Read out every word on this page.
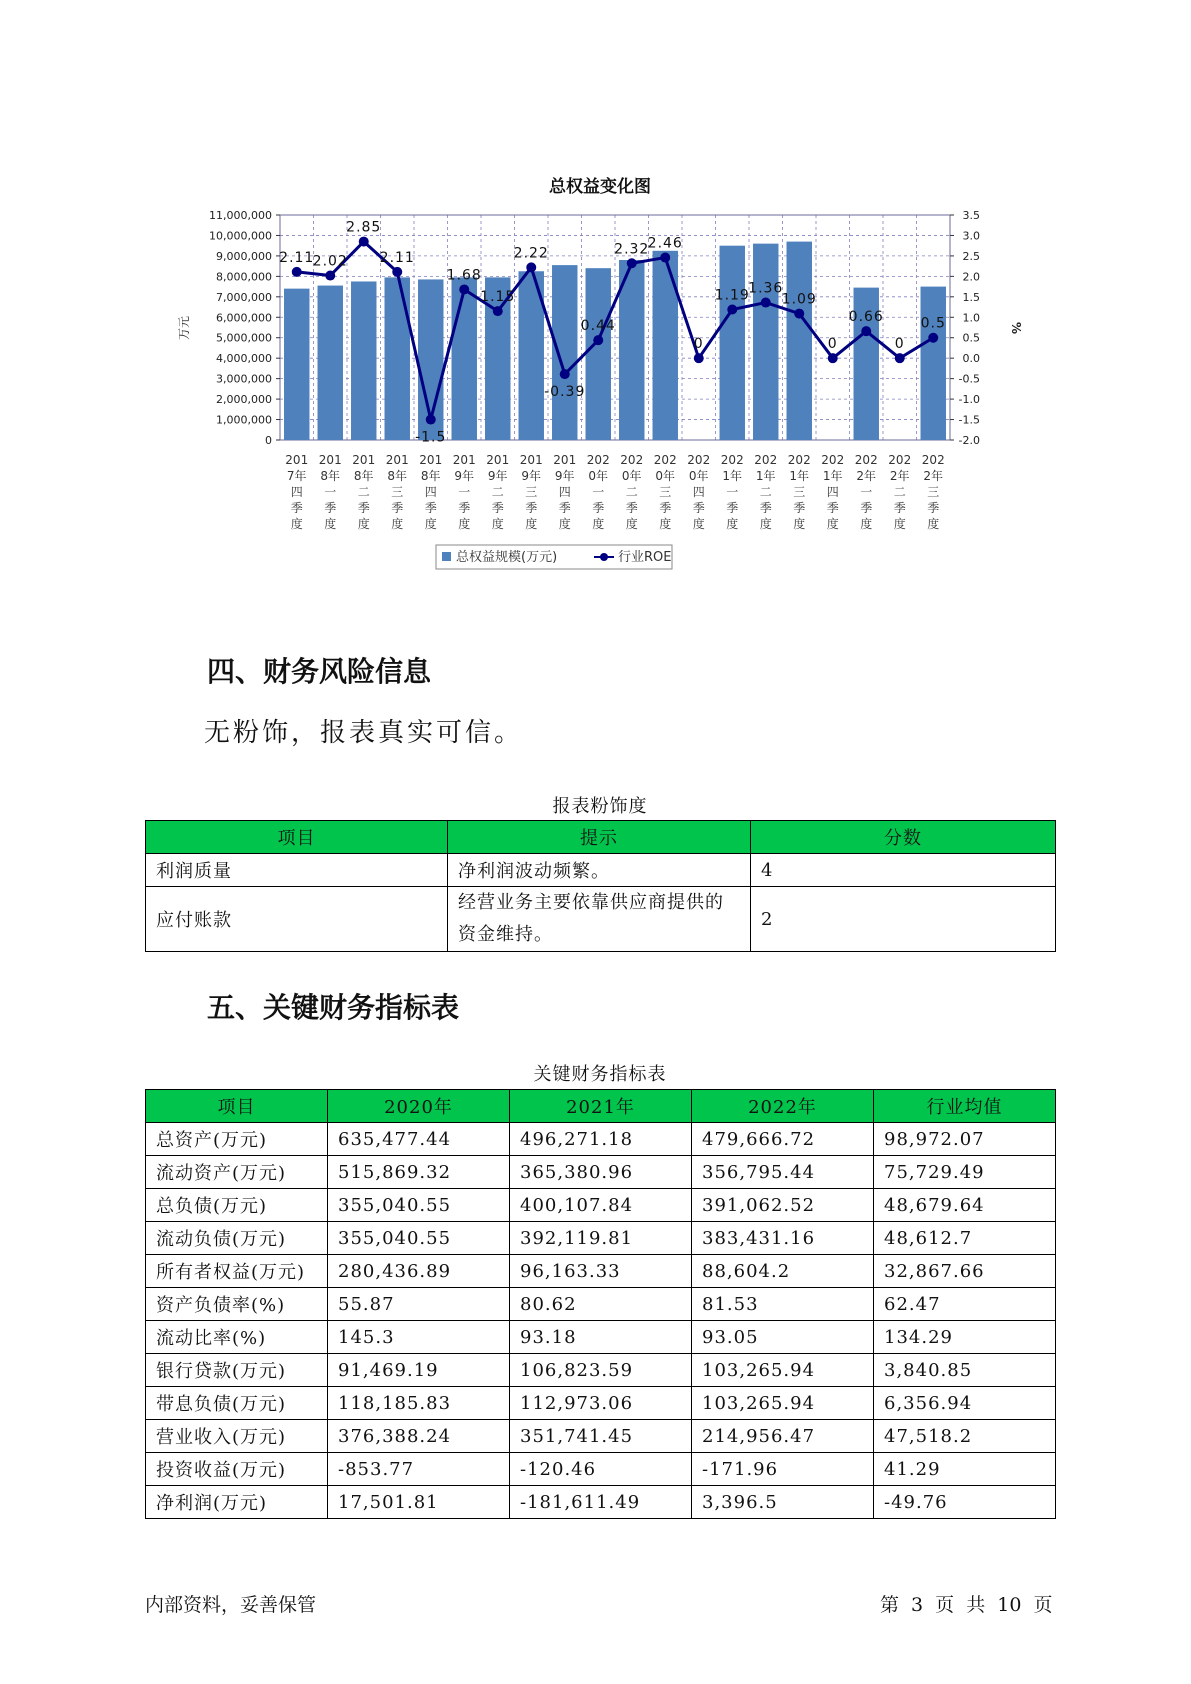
总权益变化图
11,000,000
10,000,000
9,000,000
8,000,000
7,000,000
6,000,000
5,000,000
4,000,000
3,000,000
2,000,000
1,000,000
0
3.5
3.0
2.5
2.0
1.5
1.0
0.5
0.0
-0.5
-1.0
-1.5
-2.0
万元	%
201
7年
四
季
度
201
8年
一
季
度
201
8年
二
季
度
201
8年
三
季
度
201
8年
四
季
度
201
9年
一
季
度
201
9年
二
季
度
201
9年
三
季
度
201
9年
四
季
度
202
0年
一
季
度
202
0年
二
季
度
202
0年
三
季
度
202
0年
四
季
度
202
1年
一
季
度
202
1年
二
季
度
202
1年
三
季
度
202
1年
四
季
度
202
2年
一
季
度
202
2年
二
季
度
202
2年
三
季
度
2.11
2.02
2.85
2.11
-1.5
1.68
1.15
2.22
-0.39
0.44
2.32
2.46
0
1.19
1.36
1.09
0
0.66
0
0.5
总权益规模(万元)	行业ROE
四、财务风险信息

无粉饰，报表真实可信。

报表粉饰度
项目	提示	分数
利润质量	净利润波动频繁。	4
应付账款	经营业务主要依靠供应商提供的资金维持。	2
五、关键财务指标表
关键财务指标表
项目	2020年	2021年	2022年	行业均值
总资产(万元)	635,477.44	496,271.18	479,666.72	98,972.07
流动资产(万元)	515,869.32	365,380.96	356,795.44	75,729.49
总负债(万元)	355,040.55	400,107.84	391,062.52	48,679.64
流动负债(万元)	355,040.55	392,119.81	383,431.16	48,612.7
所有者权益(万元)	280,436.89	96,163.33	88,604.2	32,867.66
资产负债率(%)	55.87	80.62	81.53	62.47
流动比率(%)	145.3	93.18	93.05	134.29
银行贷款(万元)	91,469.19	106,823.59	103,265.94	3,840.85
带息负债(万元)	118,185.83	112,973.06	103,265.94	6,356.94
营业收入(万元)	376,388.24	351,741.45	214,956.47	47,518.2
投资收益(万元)	-853.77	-120.46	-171.96	41.29
净利润(万元)	17,501.81	-181,611.49	3,396.5	-49.76
内部资料，妥善保管	第 3 页 共 10 页
